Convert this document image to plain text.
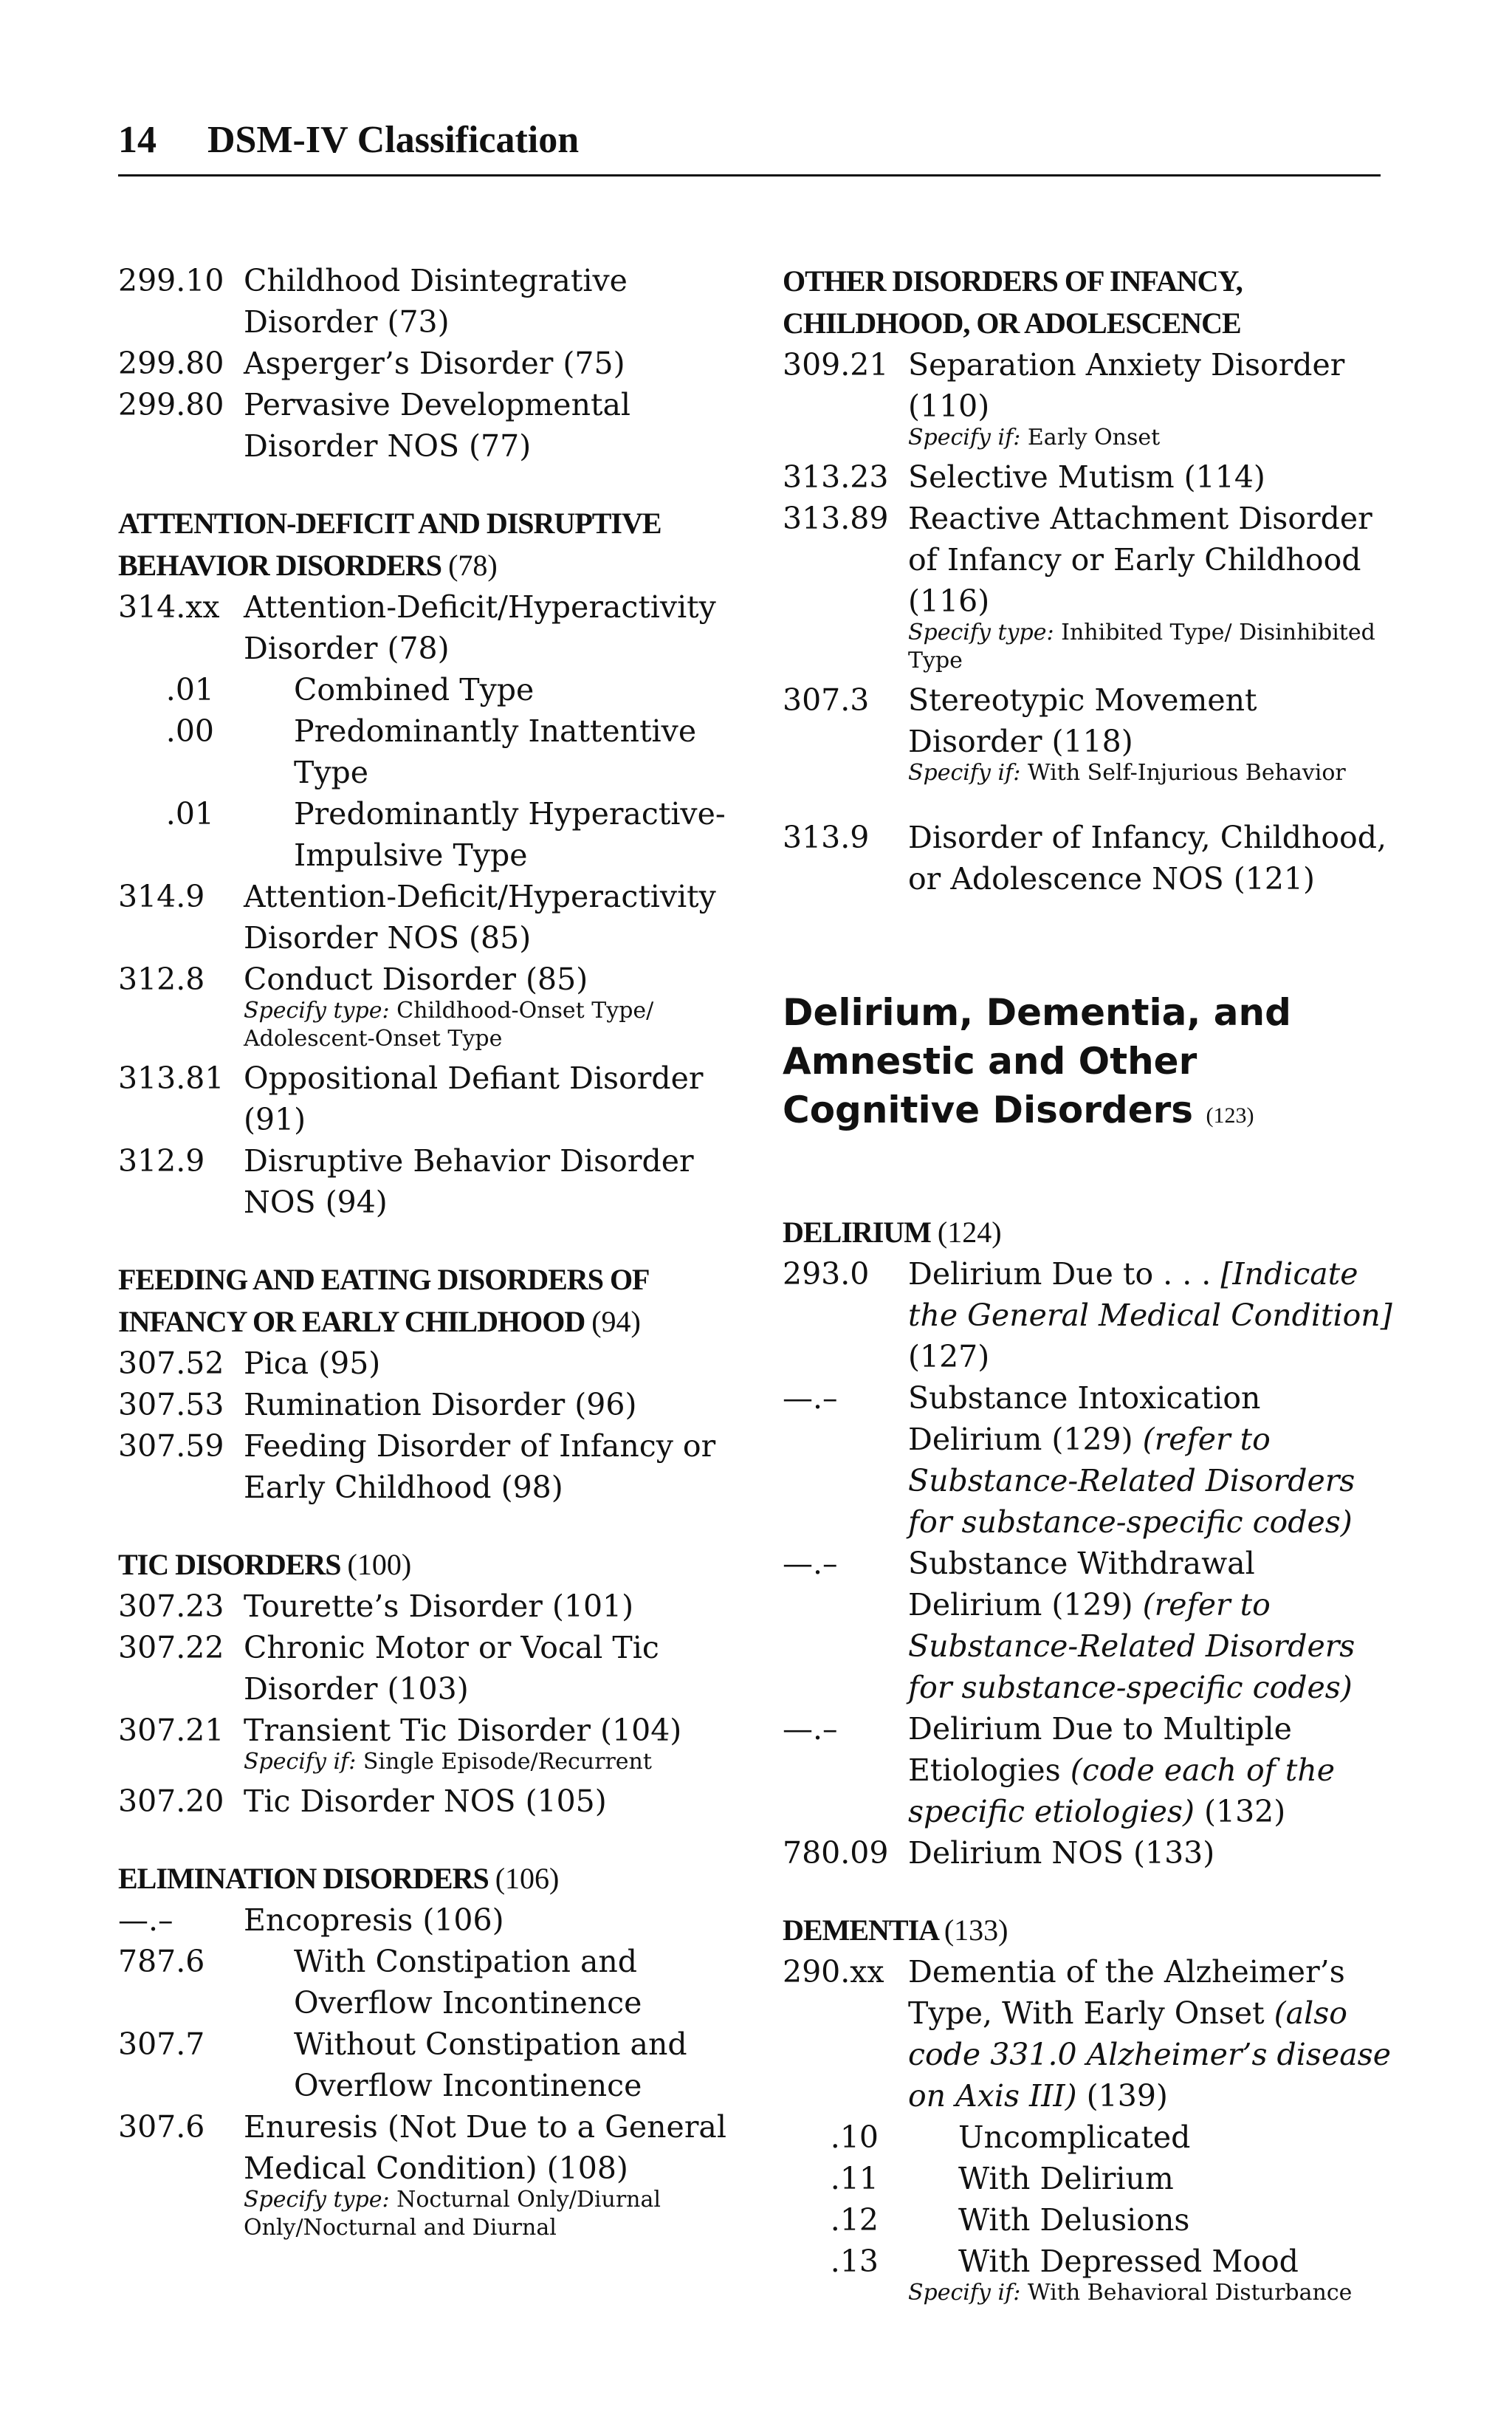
14 DSM-IV Classification
299.10 Childhood Disintegrative Disorder (73)
299.80 Asperger’s Disorder (75)
299.80 Pervasive Developmental Disorder NOS (77)
ATTENTION-DEFICIT AND DISRUPTIVE BEHAVIOR DISORDERS (78)
314.xx Attention-Deficit/Hyperactivity Disorder (78)
.01	Combined Type
.00	Predominantly Inattentive Type
.01	Predominantly Hyperactive-Impulsive Type
314.9	Attention-Deficit/Hyperactivity Disorder NOS (85)
312.8	Conduct Disorder (85)
Specify type: Childhood-Onset Type/ Adolescent-Onset Type
313.81 Oppositional Defiant Disorder (91)
312.9	Disruptive Behavior Disorder NOS (94)
FEEDING AND EATING DISORDERS OF INFANCY OR EARLY CHILDHOOD (94)
307.52 Pica (95)
307.53 Rumination Disorder (96)
307.59 Feeding Disorder of Infancy or Early Childhood (98)
TIC DISORDERS (100)
307.23 Tourette’s Disorder (101)
307.22 Chronic Motor or Vocal Tic Disorder (103)
307.21 Transient Tic Disorder (104)
Specify if: Single Episode/Recurrent
307.20 Tic Disorder NOS (105)
ELIMINATION DISORDERS (106)
—.–	Encopresis (106)
787.6	With Constipation and Overflow Incontinence
307.7	Without Constipation and Overflow Incontinence
307.6	Enuresis (Not Due to a General Medical Condition) (108)
Specify type: Nocturnal Only/Diurnal Only/Nocturnal and Diurnal
OTHER DISORDERS OF INFANCY, CHILDHOOD, OR ADOLESCENCE
309.21 Separation Anxiety Disorder (110)
Specify if: Early Onset
313.23 Selective Mutism (114)
313.89 Reactive Attachment Disorder of Infancy or Early Childhood (116)
Specify type: Inhibited Type/ Disinhibited Type
307.3	Stereotypic Movement Disorder (118)
Specify if: With Self-Injurious Behavior
313.9	Disorder of Infancy, Childhood, or Adolescence NOS (121)
Delirium, Dementia, and Amnestic and Other Cognitive Disorders (123)
DELIRIUM (124)
293.0	Delirium Due to . . . [Indicate the General Medical Condition] (127)
—.–	Substance Intoxication Delirium (129) (refer to Substance-Related Disorders for substance-specific codes)
—.–	Substance Withdrawal Delirium (129) (refer to Substance-Related Disorders for substance-specific codes)
—.–	Delirium Due to Multiple Etiologies (code each of the specific etiologies) (132)
780.09 Delirium NOS (133)
DEMENTIA (133)
290.xx Dementia of the Alzheimer’s Type, With Early Onset (also code 331.0 Alzheimer’s disease on Axis III) (139)
.10	Uncomplicated
.11	With Delirium
.12	With Delusions
.13	With Depressed Mood
Specify if: With Behavioral Disturbance
